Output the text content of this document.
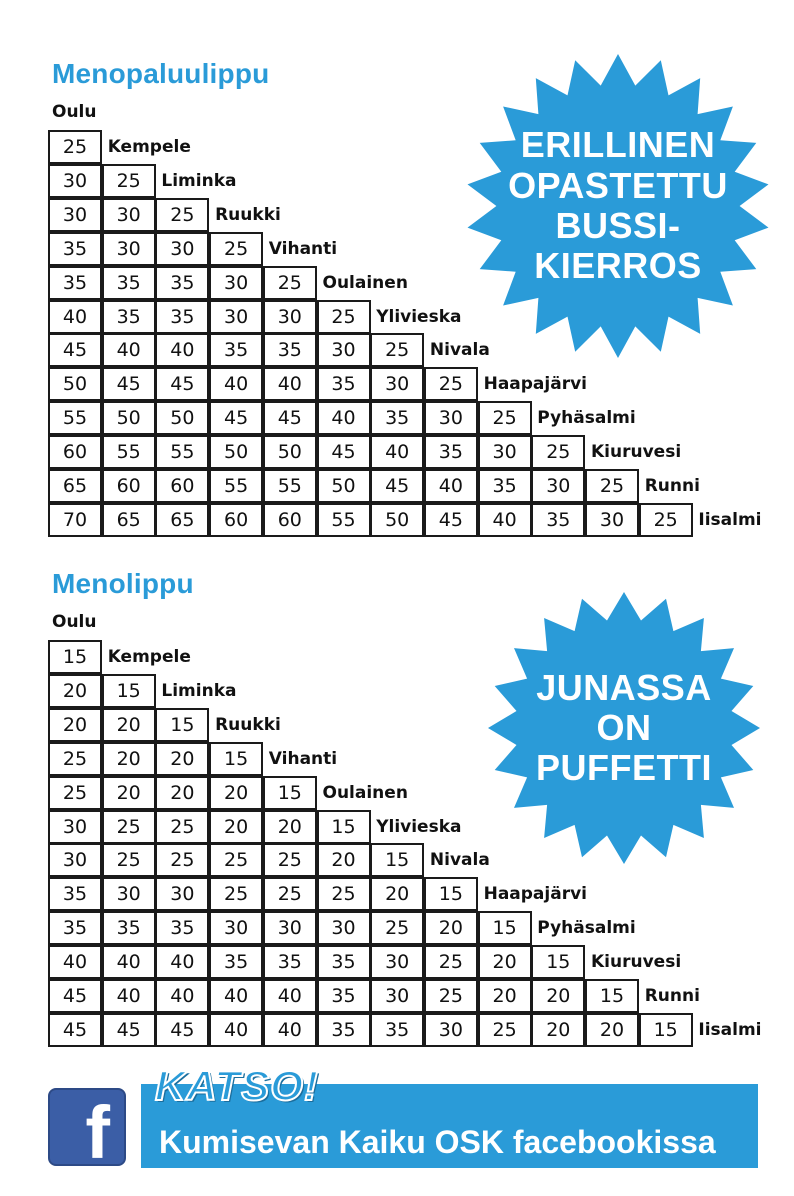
Menopaluulippu
Oulu
25	Kempele
30	25	Liminka
30	30	25	Ruukki
35	30	30	25	Vihanti
35	35	35	30	25	Oulainen
40	35	35	30	30	25	Ylivieska
45	40	40	35	35	30	25	Nivala
50	45	45	40	40	35	30	25	Haapajärvi
55	50	50	45	45	40	35	30	25	Pyhäsalmi
60	55	55	50	50	45	40	35	30	25	Kiuruvesi
65	60	60	55	55	50	45	40	35	30	25	Runni
70	65	65	60	60	55	50	45	40	35	30	25	Iisalmi
Menolippu
Oulu
15	Kempele
20	15	Liminka
20	20	15	Ruukki
25	20	20	15	Vihanti
25	20	20	20	15	Oulainen
30	25	25	20	20	15	Ylivieska
30	25	25	25	25	20	15	Nivala
35	30	30	25	25	25	20	15	Haapajärvi
35	35	35	30	30	30	25	20	15	Pyhäsalmi
40	40	40	35	35	35	30	25	20	15	Kiuruvesi
45	40	40	40	40	35	30	25	20	20	15	Runni
45	45	45	40	40	35	35	30	25	20	20	15	Iisalmi
ERILLINEN
OPASTETTU
BUSSI-
KIERROS
JUNASSA
ON
PUFFETTI
f
KATSO!
Kumisevan Kaiku OSK facebookissa
